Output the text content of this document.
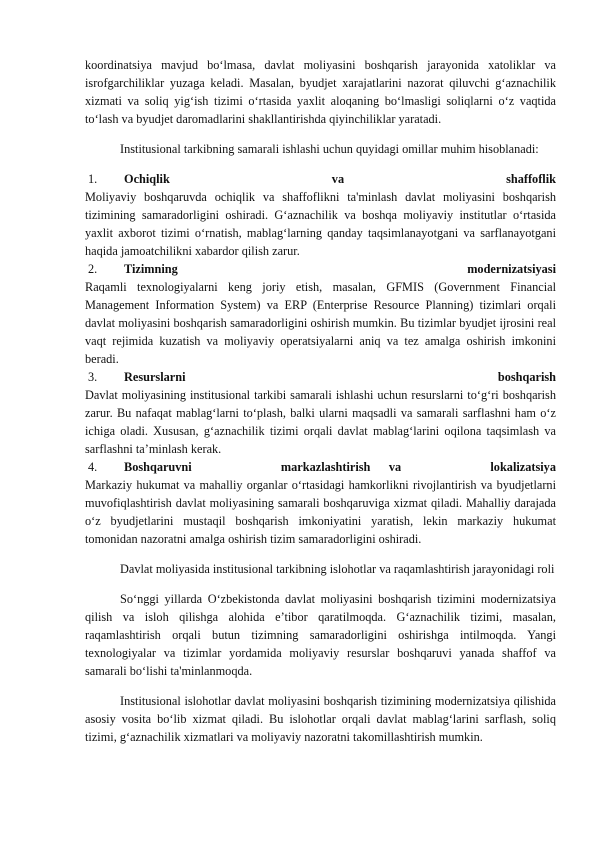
koordinatsiya mavjud bo‘lmasa, davlat moliyasini boshqarish jarayonida xatoliklar va isrofgarchiliklar yuzaga keladi. Masalan, byudjet xarajatlarini nazorat qiluvchi g‘aznachilik xizmati va soliq yig‘ish tizimi o‘rtasida yaxlit aloqaning bo‘lmasligi soliqlarni o‘z vaqtida to‘lash va byudjet daromadlarini shakllantirishda qiyinchiliklar yaratadi.

Institusional tarkibning samarali ishlashi uchun quyidagi omillar muhim hisoblanadi:

1.	Ochiqlik	va	shaffoflik

Moliyaviy boshqaruvda ochiqlik va shaffoflikni ta'minlash davlat moliyasini boshqarish tizimining samaradorligini oshiradi. G‘aznachilik va boshqa moliyaviy institutlar o‘rtasida yaxlit axborot tizimi o‘rnatish, mablag‘larning qanday taqsimlanayotgani va sarflanayotgani haqida jamoatchilikni xabardor qilish zarur.

2.	Tizimning	modernizatsiyasi

Raqamli texnologiyalarni keng joriy etish, masalan, GFMIS (Government Financial Management Information System) va ERP (Enterprise Resource Planning) tizimlari orqali davlat moliyasini boshqarish samaradorligini oshirish mumkin. Bu tizimlar byudjet ijrosini real vaqt rejimida kuzatish va moliyaviy operatsiyalarni aniq va tez amalga oshirish imkonini beradi.

3.	Resurslarni	boshqarish

Davlat moliyasining institusional tarkibi samarali ishlashi uchun resurslarni to‘g‘ri boshqarish zarur. Bu nafaqat mablag‘larni to‘plash, balki ularni maqsadli va samarali sarflashni ham o‘z ichiga oladi. Xususan, g‘aznachilik tizimi orqali davlat mablag‘larini oqilona taqsimlash va sarflashni ta’minlash kerak.

4.	Boshqaruvni	markazlashtirish      va	lokalizatsiya

Markaziy hukumat va mahalliy organlar o‘rtasidagi hamkorlikni rivojlantirish va byudjetlarni muvofiqlashtirish davlat moliyasining samarali boshqaruviga xizmat qiladi. Mahalliy darajada o‘z byudjetlarini mustaqil boshqarish imkoniyatini yaratish, lekin markaziy hukumat tomonidan nazoratni amalga oshirish tizim samaradorligini oshiradi.

Davlat moliyasida institusional tarkibning islohotlar va raqamlashtirish jarayonidagi roli

So‘nggi yillarda O‘zbekistonda davlat moliyasini boshqarish tizimini modernizatsiya qilish va isloh qilishga alohida e’tibor qaratilmoqda. G‘aznachilik tizimi, masalan, raqamlashtirish orqali butun tizimning samaradorligini oshirishga intilmoqda. Yangi texnologiyalar va tizimlar yordamida moliyaviy resurslar boshqaruvi yanada shaffof va samarali bo‘lishi ta'minlanmoqda.

Institusional islohotlar davlat moliyasini boshqarish tizimining modernizatsiya qilishida asosiy vosita bo‘lib xizmat qiladi. Bu islohotlar orqali davlat mablag‘larini sarflash, soliq tizimi, g‘aznachilik xizmatlari va moliyaviy nazoratni takomillashtirish mumkin.
